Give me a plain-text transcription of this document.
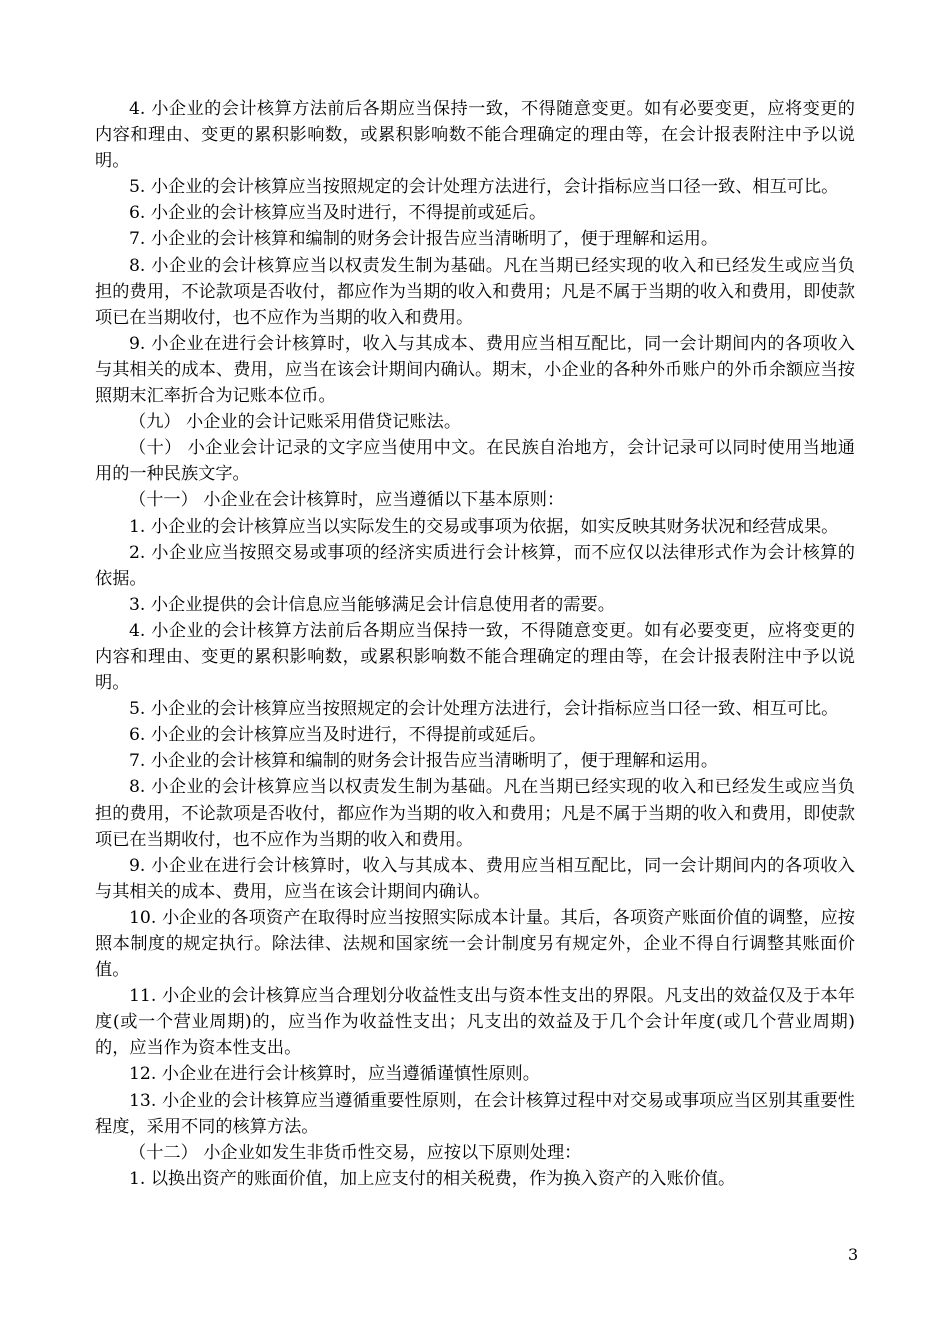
4. 小企业的会计核算方法前后各期应当保持一致，不得随意变更。如有必要变更，应将变更的内容和理由、变更的累积影响数，或累积影响数不能合理确定的理由等，在会计报表附注中予以说明。

5. 小企业的会计核算应当按照规定的会计处理方法进行，会计指标应当口径一致、相互可比。

6. 小企业的会计核算应当及时进行，不得提前或延后。

7. 小企业的会计核算和编制的财务会计报告应当清晰明了，便于理解和运用。

8. 小企业的会计核算应当以权责发生制为基础。凡在当期已经实现的收入和已经发生或应当负担的费用，不论款项是否收付，都应作为当期的收入和费用；凡是不属于当期的收入和费用，即使款项已在当期收付，也不应作为当期的收入和费用。

9. 小企业在进行会计核算时，收入与其成本、费用应当相互配比，同一会计期间内的各项收入与其相关的成本、费用，应当在该会计期间内确认。期末，小企业的各种外币账户的外币余额应当按照期末汇率折合为记账本位币。

（九） 小企业的会计记账采用借贷记账法。

（十） 小企业会计记录的文字应当使用中文。在民族自治地方，会计记录可以同时使用当地通用的一种民族文字。

（十一） 小企业在会计核算时，应当遵循以下基本原则：

1. 小企业的会计核算应当以实际发生的交易或事项为依据，如实反映其财务状况和经营成果。

2. 小企业应当按照交易或事项的经济实质进行会计核算，而不应仅以法律形式作为会计核算的依据。

3. 小企业提供的会计信息应当能够满足会计信息使用者的需要。

4. 小企业的会计核算方法前后各期应当保持一致，不得随意变更。如有必要变更，应将变更的内容和理由、变更的累积影响数，或累积影响数不能合理确定的理由等，在会计报表附注中予以说明。

5. 小企业的会计核算应当按照规定的会计处理方法进行，会计指标应当口径一致、相互可比。

6. 小企业的会计核算应当及时进行，不得提前或延后。

7. 小企业的会计核算和编制的财务会计报告应当清晰明了，便于理解和运用。

8. 小企业的会计核算应当以权责发生制为基础。凡在当期已经实现的收入和已经发生或应当负担的费用，不论款项是否收付，都应作为当期的收入和费用；凡是不属于当期的收入和费用，即使款项已在当期收付，也不应作为当期的收入和费用。

9. 小企业在进行会计核算时，收入与其成本、费用应当相互配比，同一会计期间内的各项收入与其相关的成本、费用，应当在该会计期间内确认。

10. 小企业的各项资产在取得时应当按照实际成本计量。其后，各项资产账面价值的调整，应按照本制度的规定执行。除法律、法规和国家统一会计制度另有规定外，企业不得自行调整其账面价值。

11. 小企业的会计核算应当合理划分收益性支出与资本性支出的界限。凡支出的效益仅及于本年度(或一个营业周期)的，应当作为收益性支出；凡支出的效益及于几个会计年度(或几个营业周期)的，应当作为资本性支出。

12. 小企业在进行会计核算时，应当遵循谨慎性原则。

13. 小企业的会计核算应当遵循重要性原则，在会计核算过程中对交易或事项应当区别其重要性程度，采用不同的核算方法。

（十二） 小企业如发生非货币性交易，应按以下原则处理：

1. 以换出资产的账面价值，加上应支付的相关税费，作为换入资产的入账价值。

3
